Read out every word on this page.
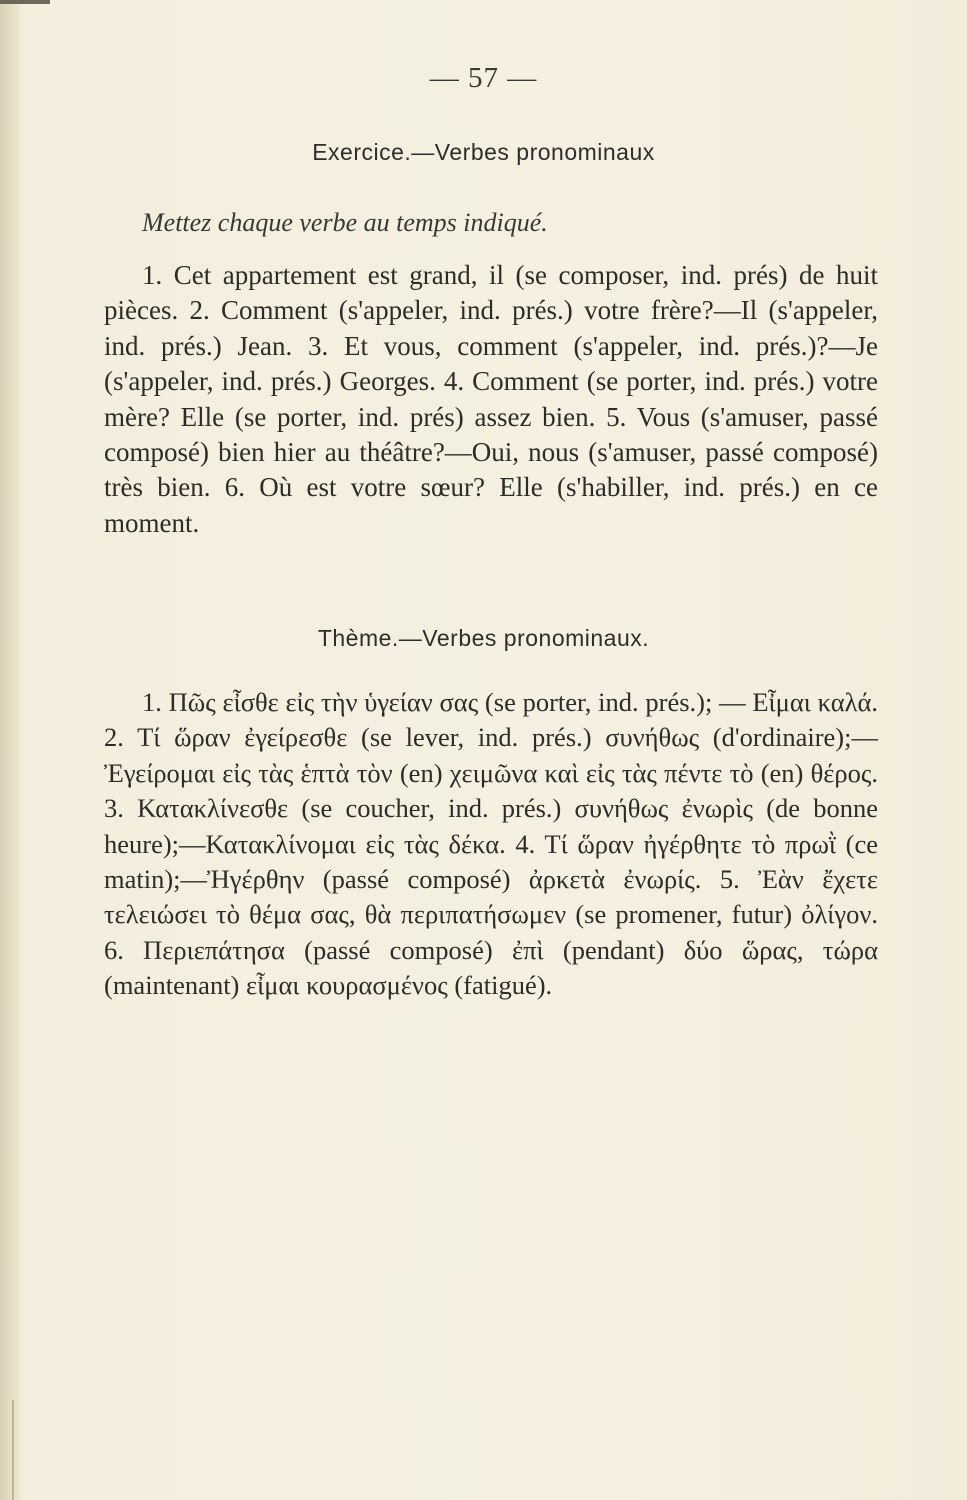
— 57 —
Exercice.—Verbes pronominaux
Mettez chaque verbe au temps indiqué.
1. Cet appartement est grand, il (se composer, ind. prés) de huit pièces. 2. Comment (s'appeler, ind. prés.) votre frère?—Il (s'appeler, ind. prés.) Jean. 3. Et vous, comment (s'appeler, ind. prés.)?—Je (s'appeler, ind. prés.) Georges. 4. Comment (se porter, ind. prés.) votre mère? Elle (se porter, ind. prés) assez bien. 5. Vous (s'amuser, passé composé) bien hier au théâtre?—Oui, nous (s'amuser, passé composé) très bien. 6. Où est votre sœur? Elle (s'habiller, ind. prés.) en ce moment.
Thème.—Verbes pronominaux.
1. Πῶς εἶσθε εἰς τὴν ὑγείαν σας (se porter, ind. prés.); — Εἶμαι καλά. 2. Τί ὥραν ἐγείρεσθε (se lever, ind. prés.) συνήθως (d'ordinaire);—Ἐγείρομαι εἰς τὰς ἑπτὰ τὸν (en) χειμῶνα καὶ εἰς τὰς πέντε τὸ (en) θέρος. 3. Κατακλίνεσθε (se coucher, ind. prés.) συνήθως ἐνωρὶς (de bonne heure);—Κατακλίνομαι εἰς τὰς δέκα. 4. Τί ὥραν ἠγέρθητε τὸ πρωῒ (ce matin);—Ἠγέρθην (passé composé) ἀρκετὰ ἐνωρίς. 5. Ἐὰν ἔχετε τελειώσει τὸ θέμα σας, θὰ περιπατήσωμεν (se promener, futur) ὀλίγον. 6. Περιεπάτησα (passé composé) ἐπὶ (pendant) δύο ὥρας, τώρα (maintenant) εἶμαι κουρασμένος (fatigué).
